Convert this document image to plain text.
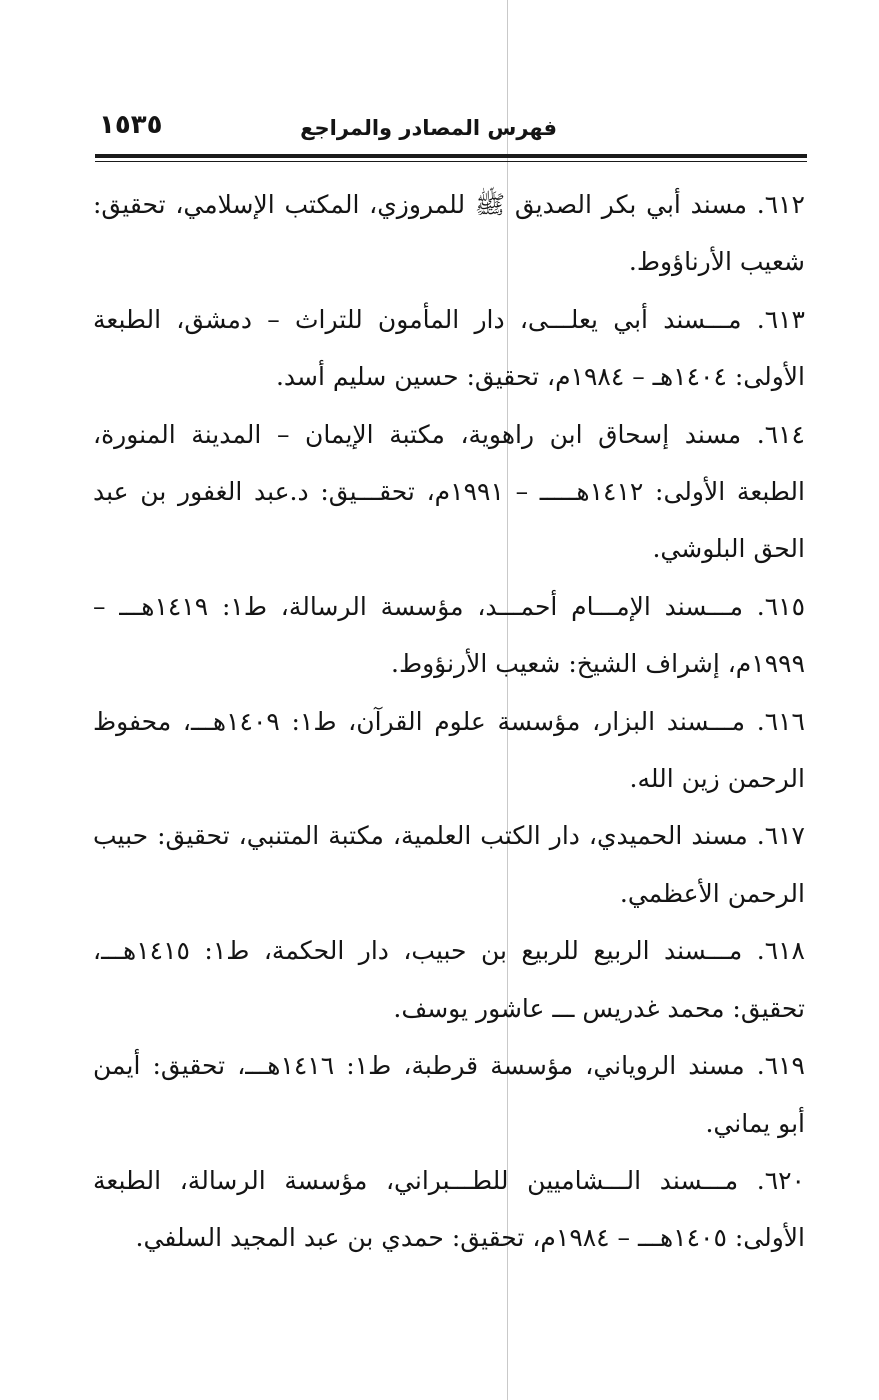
فهرس المصادر والمراجع
١٥٣٥
٦١٢. مسند أبي بكر الصديق ﷺ للمروزي، المكتب الإسلامي، تحقيق: شعيب الأرناؤوط.
٦١٣. مـــسند أبي يعلـــى، دار المأمون للتراث – دمشق، الطبعة الأولى: ١٤٠٤هـ – ١٩٨٤م، تحقيق: حسين سليم أسد.
٦١٤. مسند إسحاق ابن راهوية، مكتبة الإيمان – المدينة المنورة، الطبعة الأولى: ١٤١٢هـــــ – ١٩٩١م، تحقـــيق: د.عبد الغفور بن عبد الحق البلوشي.
٦١٥. مـــسند الإمـــام أحمـــد، مؤسسة الرسالة، ط١: ١٤١٩هـــ – ١٩٩٩م، إشراف الشيخ: شعيب الأرنؤوط.
٦١٦. مـــسند البزار، مؤسسة علوم القرآن، ط١: ١٤٠٩هـــ، محفوظ الرحمن زين الله.
٦١٧. مسند الحميدي، دار الكتب العلمية، مكتبة المتنبي، تحقيق: حبيب الرحمن الأعظمي.
٦١٨. مـــسند الربيع للربيع بن حبيب، دار الحكمة، ط١: ١٤١٥هـــ، تحقيق: محمد غدريس ـــ عاشور يوسف.
٦١٩. مسند الروياني، مؤسسة قرطبة، ط١: ١٤١٦هـــ، تحقيق: أيمن أبو يماني.
٦٢٠. مـــسند الـــشاميين للطـــبراني، مؤسسة الرسالة، الطبعة الأولى: ١٤٠٥هـــ – ١٩٨٤م، تحقيق: حمدي بن عبد المجيد السلفي.
